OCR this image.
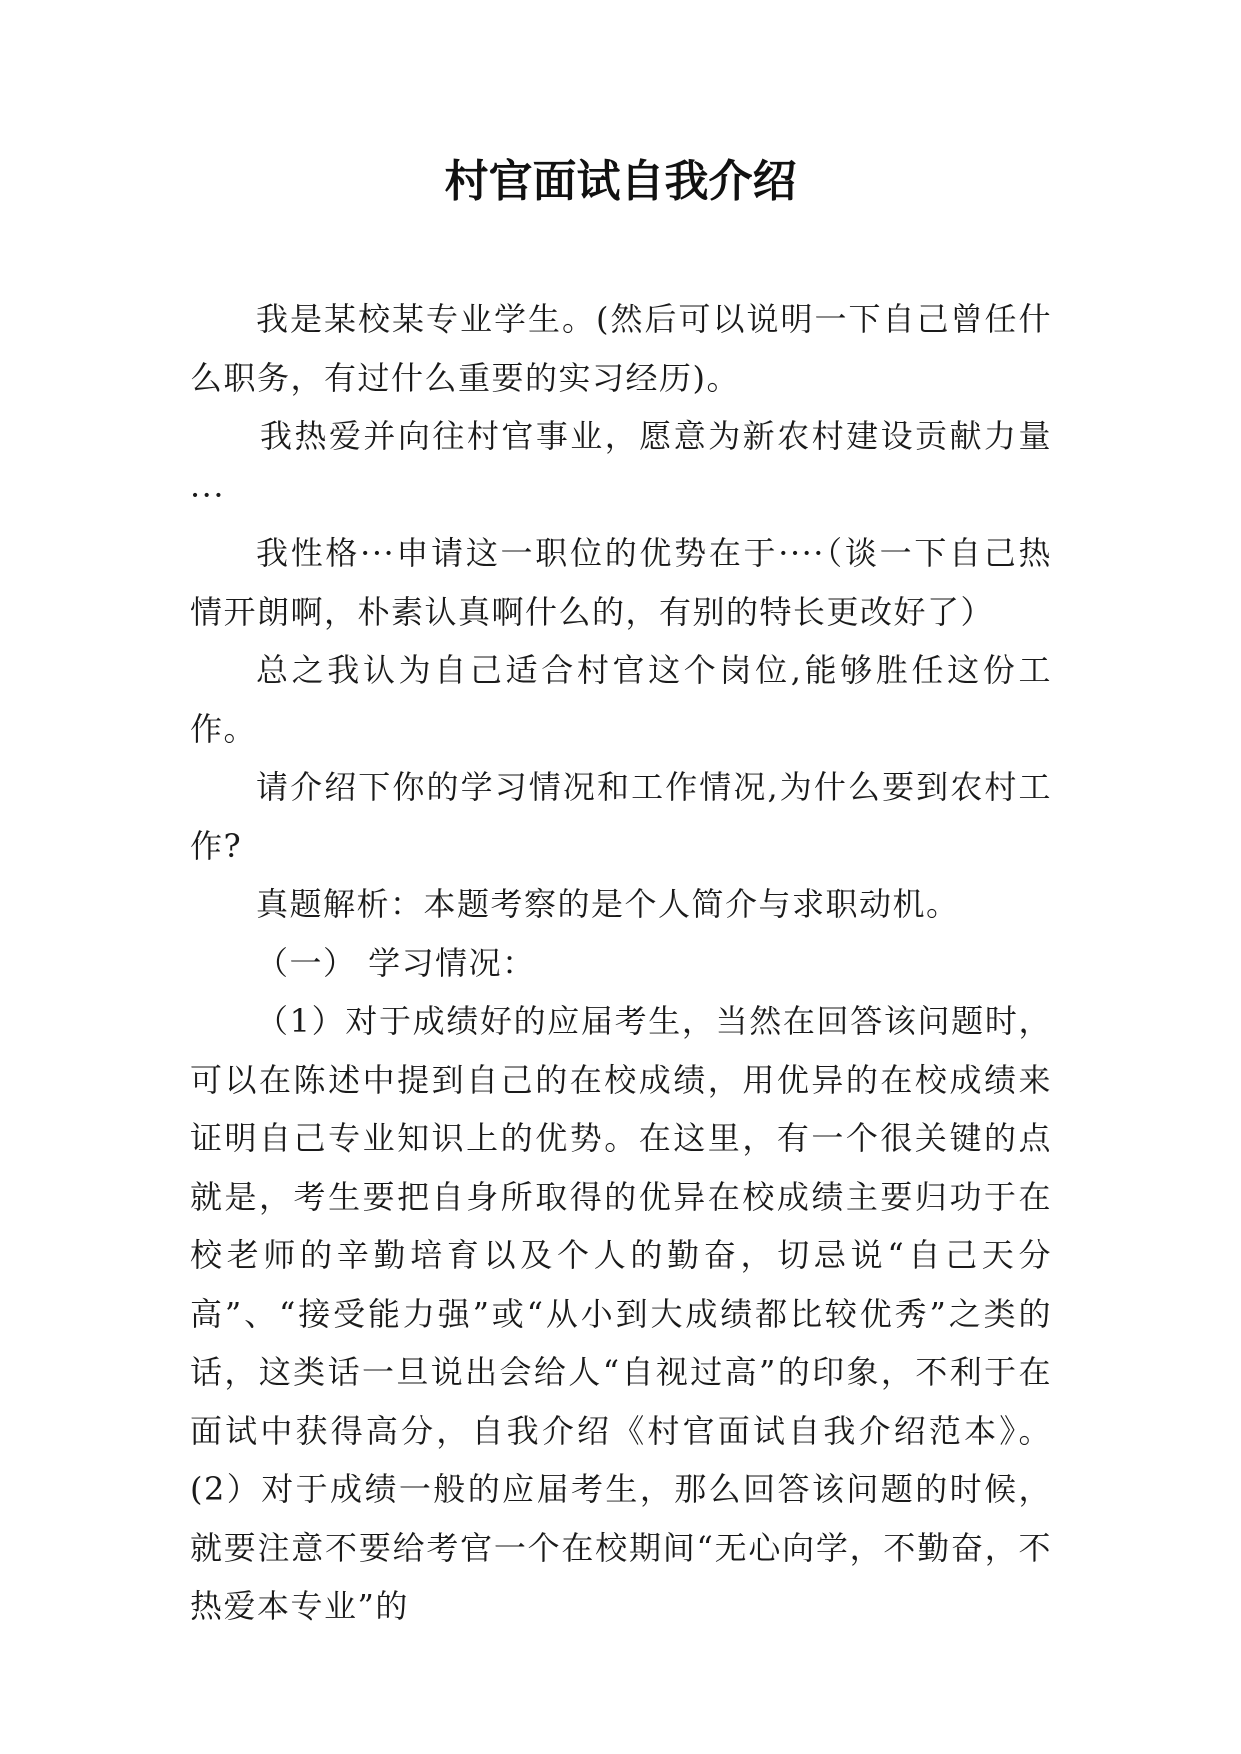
村官面试自我介绍

我是某校某专业学生。(然后可以说明一下自己曾任什么职务，有过什么重要的实习经历)。

我热爱并向往村官事业，愿意为新农村建设贡献力量···

我性格···申请这一职位的优势在于····（谈一下自己热情开朗啊，朴素认真啊什么的，有别的特长更改好了）

总之我认为自己适合村官这个岗位,能够胜任这份工作。

请介绍下你的学习情况和工作情况,为什么要到农村工作?

真题解析：本题考察的是个人简介与求职动机。

（一） 学习情况：

（1）对于成绩好的应届考生，当然在回答该问题时，可以在陈述中提到自己的在校成绩，用优异的在校成绩来证明自己专业知识上的优势。在这里，有一个很关键的点就是，考生要把自身所取得的优异在校成绩主要归功于在校老师的辛勤培育以及个人的勤奋，切忌说“自己天分高”、“接受能力强”或“从小到大成绩都比较优秀”之类的话，这类话一旦说出会给人“自视过高”的印象，不利于在面试中获得高分，自我介绍《村官面试自我介绍范本》。(2）对于成绩一般的应届考生，那么回答该问题的时候，就要注意不要给考官一个在校期间“无心向学，不勤奋，不热爱本专业”的
